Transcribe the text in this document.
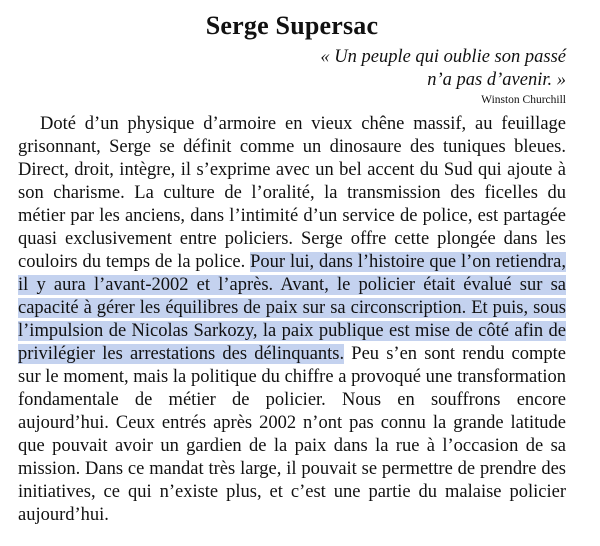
Serge Supersac
« Un peuple qui oublie son passé
n’a pas d’avenir. »
Winston Churchill

Doté d’un physique d’armoire en vieux chêne massif, au feuillage grisonnant, Serge se définit comme un dinosaure des tuniques bleues. Direct, droit, intègre, il s’exprime avec un bel accent du Sud qui ajoute à son charisme. La culture de l’oralité, la transmission des ficelles du métier par les anciens, dans l’intimité d’un service de police, est partagée quasi exclusivement entre policiers. Serge offre cette plongée dans les couloirs du temps de la police. Pour lui, dans l’histoire que l’on retiendra, il y aura l’avant-2002 et l’après. Avant, le policier était évalué sur sa capacité à gérer les équilibres de paix sur sa circonscription. Et puis, sous l’impulsion de Nicolas Sarkozy, la paix publique est mise de côté afin de privilégier les arrestations des délinquants. Peu s’en sont rendu compte sur le moment, mais la politique du chiffre a provoqué une transformation fondamentale de métier de policier. Nous en souffrons encore aujourd’hui. Ceux entrés après 2002 n’ont pas connu la grande latitude que pouvait avoir un gardien de la paix dans la rue à l’occasion de sa mission. Dans ce mandat très large, il pouvait se permettre de prendre des initiatives, ce qui n’existe plus, et c’est une partie du malaise policier aujourd’hui.
